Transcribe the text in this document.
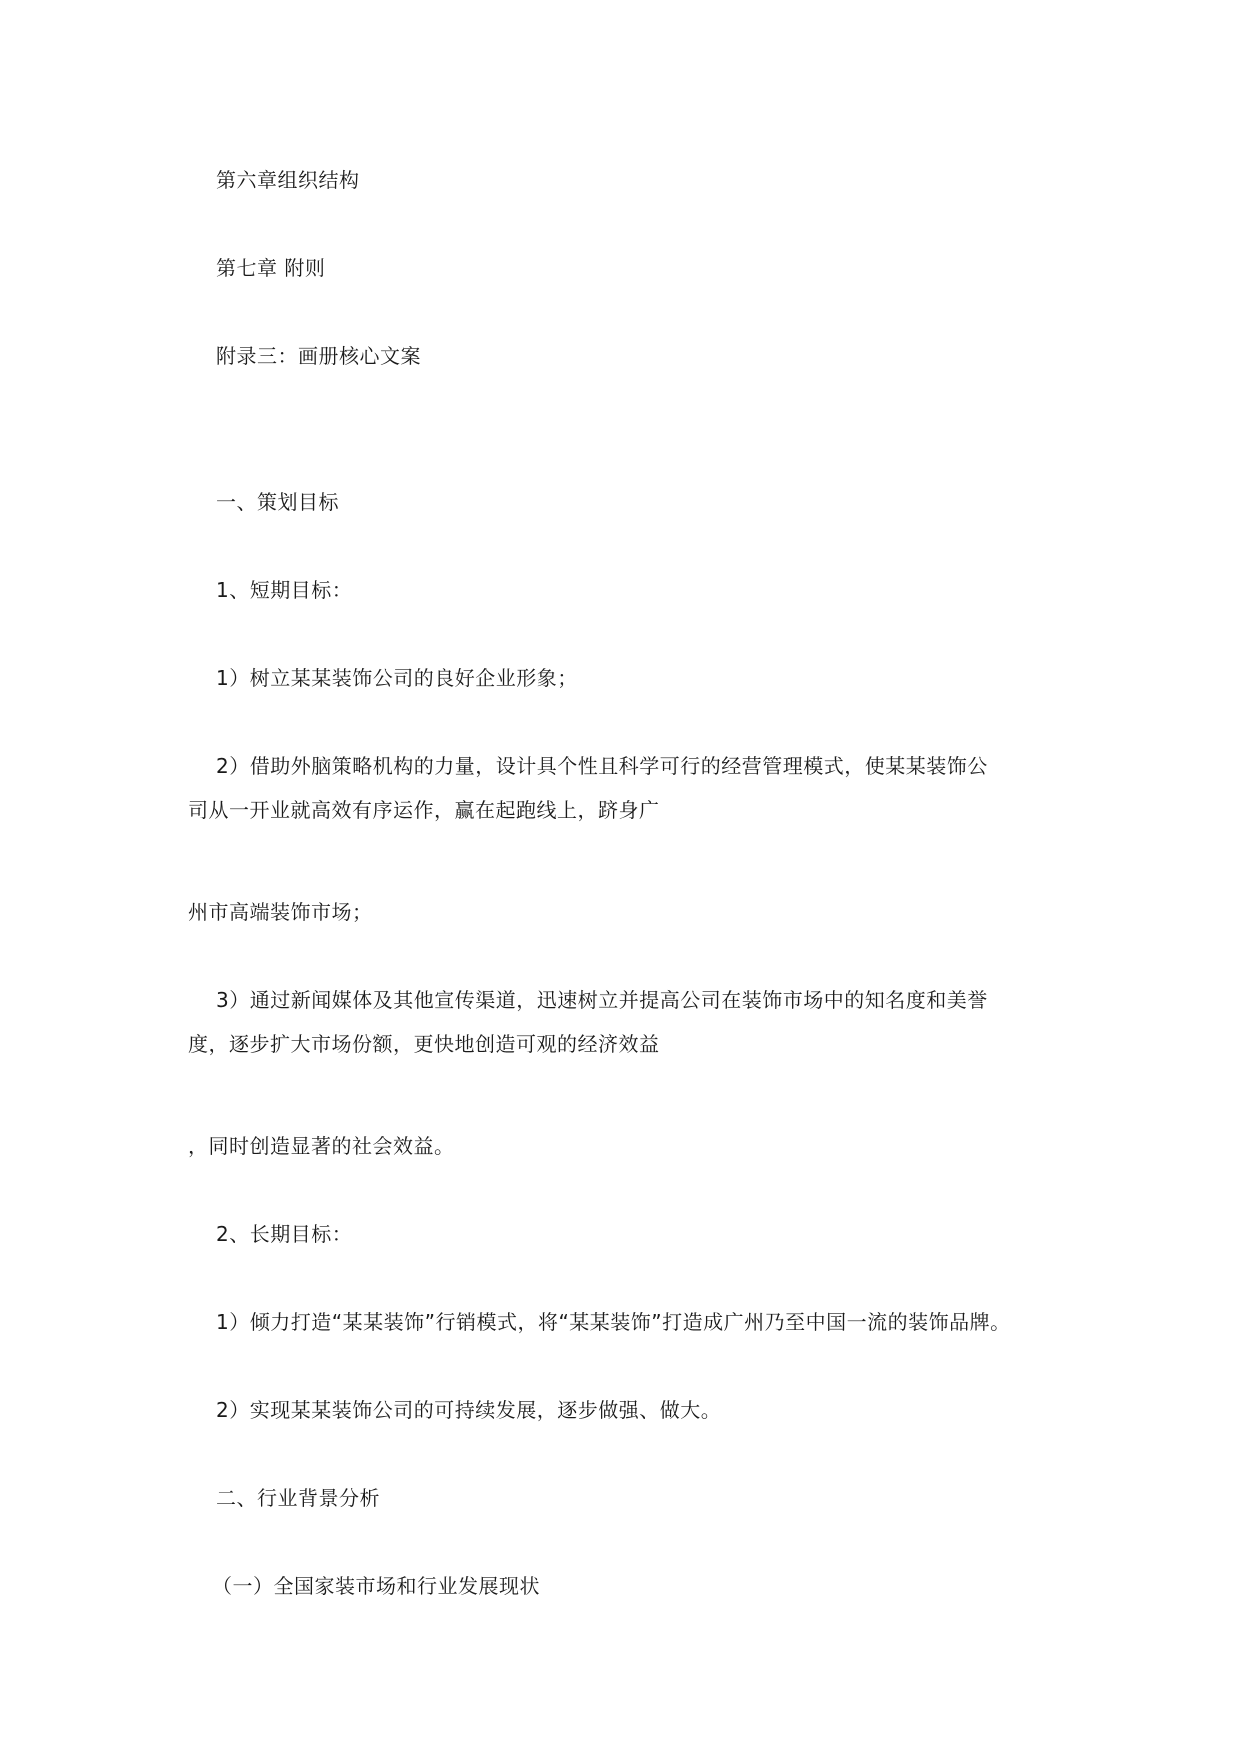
第六章组织结构

第七章 附则

附录三：画册核心文案

一、策划目标

1、短期目标：

1）树立某某装饰公司的良好企业形象；

2）借助外脑策略机构的力量，设计具个性且科学可行的经营管理模式，使某某装饰公

司从一开业就高效有序运作，赢在起跑线上，跻身广

州市高端装饰市场；

3）通过新闻媒体及其他宣传渠道，迅速树立并提高公司在装饰市场中的知名度和美誉

度，逐步扩大市场份额，更快地创造可观的经济效益

，同时创造显著的社会效益。

2、长期目标：

1）倾力打造“某某装饰”行销模式，将“某某装饰”打造成广州乃至中国一流的装饰品牌。

2）实现某某装饰公司的可持续发展，逐步做强、做大。

二、行业背景分析

（一）全国家装市场和行业发展现状
